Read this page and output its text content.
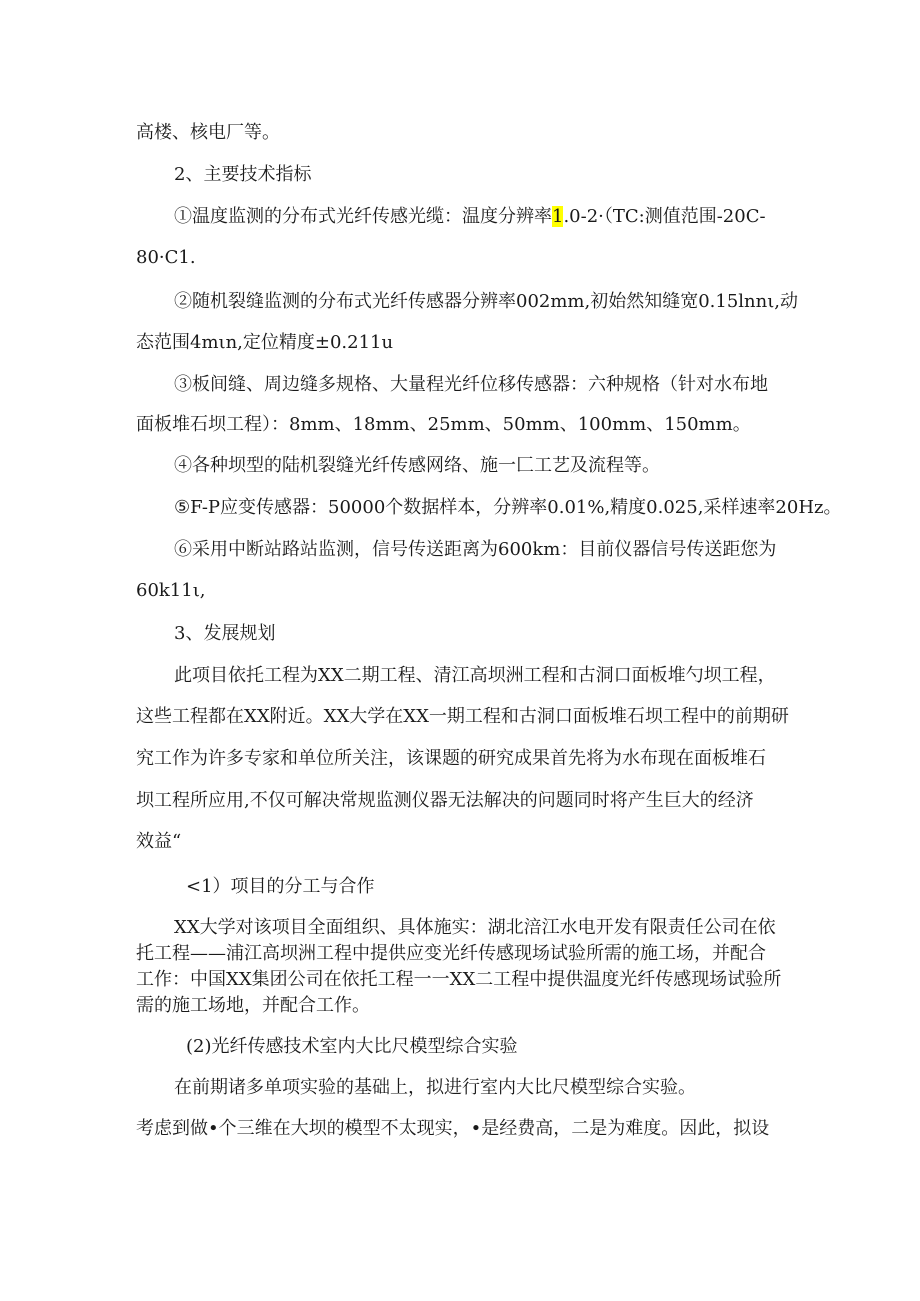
高楼、核电厂等。
2、主要技术指标
①温度监测的分布式光纤传感光缆：温度分辨率1.0-2·（TC:测值范围-20C-
80·C1.
②随机裂缝监测的分布式光纤传感器分辨率002mm,初始然知缝宽0.15lnnι,动
态范围4mιn,定位精度±0.211u
③板间缝、周边缝多规格、大量程光纤位移传感器：六种规格（针对水布地
面板堆石坝工程）：8mm、18mm、25mm、50mm、100mm、150mm。
④各种坝型的陆机裂缝光纤传感网络、施一匚工艺及流程等。
⑤F-P应变传感器：50000个数据样本，分辨率0.01%,精度0.025,采样速率20Hz。
⑥采用中断站路站监测，信号传送距离为600km：目前仪器信号传送距您为
60k11ι,
3、发展规划
此项目依托工程为XX二期工程、清江高坝洲工程和古洞口面板堆勺坝工程，
这些工程都在XX附近。XX大学在XX一期工程和古洞口面板堆石坝工程中的前期研
究工作为许多专家和单位所关注，该课题的研究成果首先将为水布现在面板堆石
坝工程所应用,不仅可解决常规监测仪器无法解决的问题同时将产生巨大的经济
效益“
<1）项目的分工与合作
XX大学对该项目全面组织、具体施实：湖北涪江水电开发有限责任公司在依
托工程——浦江高坝洲工程中提供应变光纤传感现场试验所需的施工场，并配合
工作：中国XX集团公司在依托工程一一XX二工程中提供温度光纤传感现场试验所
需的施工场地，并配合工作。
(2)光纤传感技术室内大比尺模型综合实验
在前期诸多单项实验的基础上，拟进行室内大比尺模型综合实验。
考虑到做•个三维在大坝的模型不太现实，•是经费高，二是为难度。因此，拟设
